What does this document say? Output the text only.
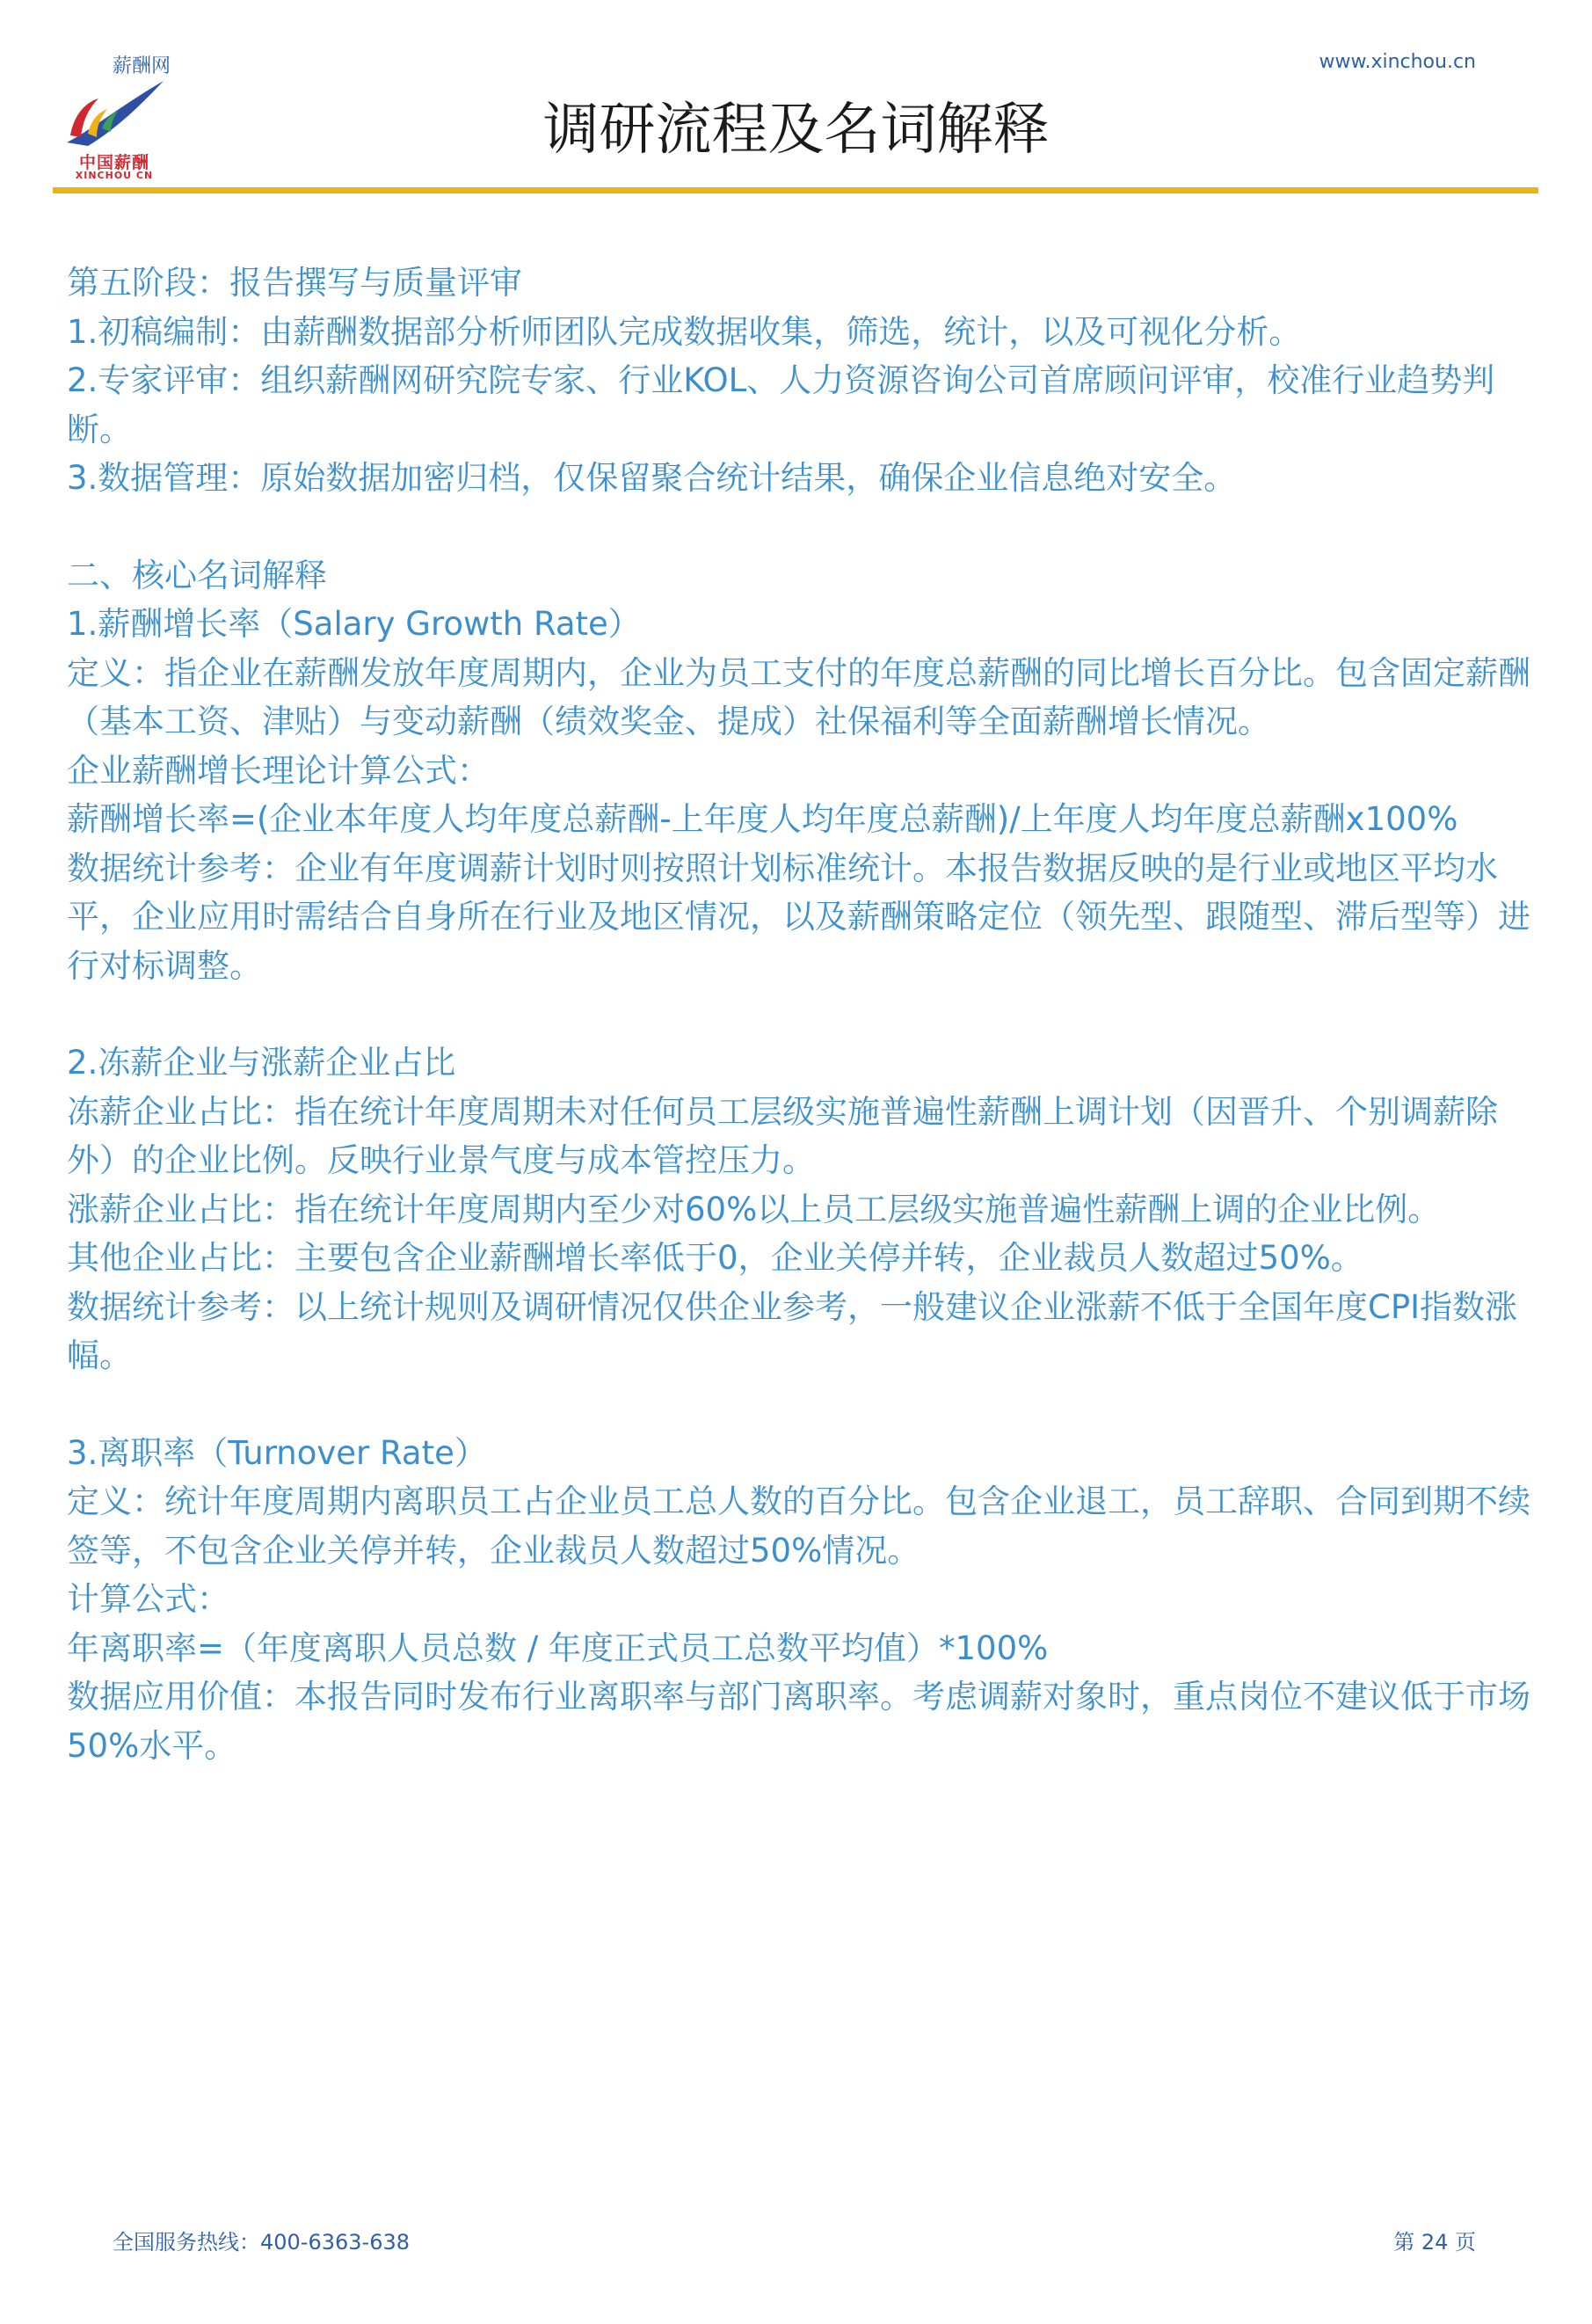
薪酬网	www.xinchou.cn
中国薪酬
XINCHOU CN
调研流程及名词解释

第五阶段：报告撰写与质量评审

1.初稿编制：由薪酬数据部分析师团队完成数据收集，筛选，统计，以及可视化分析。

2.专家评审：组织薪酬网研究院专家、行业KOL、人力资源咨询公司首席顾问评审，校准行业趋势判断。

3.数据管理：原始数据加密归档，仅保留聚合统计结果，确保企业信息绝对安全。

二、核心名词解释

1.薪酬增长率（Salary Growth Rate）

定义：指企业在薪酬发放年度周期内，企业为员工支付的年度总薪酬的同比增长百分比。包含固定薪酬（基本工资、津贴）与变动薪酬（绩效奖金、提成）社保福利等全面薪酬增长情况。

企业薪酬增长理论计算公式：

薪酬增长率=(企业本年度人均年度总薪酬-上年度人均年度总薪酬)/上年度人均年度总薪酬x100%

数据统计参考：企业有年度调薪计划时则按照计划标准统计。本报告数据反映的是行业或地区平均水平，企业应用时需结合自身所在行业及地区情况，以及薪酬策略定位（领先型、跟随型、滞后型等）进行对标调整。

2.冻薪企业与涨薪企业占比

冻薪企业占比：指在统计年度周期未对任何员工层级实施普遍性薪酬上调计划（因晋升、个别调薪除外）的企业比例。反映行业景气度与成本管控压力。

涨薪企业占比：指在统计年度周期内至少对60%以上员工层级实施普遍性薪酬上调的企业比例。

其他企业占比：主要包含企业薪酬增长率低于0，企业关停并转，企业裁员人数超过50%。

数据统计参考：以上统计规则及调研情况仅供企业参考，一般建议企业涨薪不低于全国年度CPI指数涨幅。

3.离职率（Turnover Rate）

定义：统计年度周期内离职员工占企业员工总人数的百分比。包含企业退工，员工辞职、合同到期不续签等，不包含企业关停并转，企业裁员人数超过50%情况。

计算公式：

年离职率=（年度离职人员总数 / 年度正式员工总数平均值）*100%

数据应用价值：本报告同时发布行业离职率与部门离职率。考虑调薪对象时，重点岗位不建议低于市场50%水平。

全国服务热线：400-6363-638	第 24 页
